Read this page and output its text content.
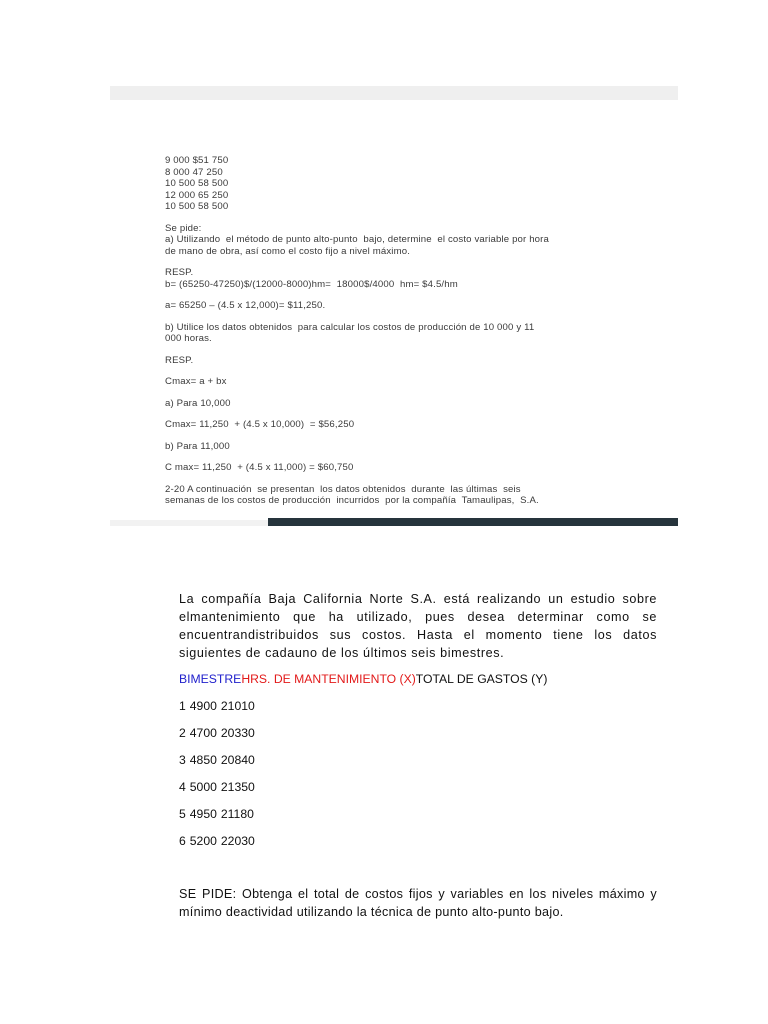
9 000 $51 750
8 000 47 250
10 500 58 500
12 000 65 250
10 500 58 500
Se pide:
a) Utilizando  el método de punto alto-punto  bajo, determine  el costo variable por hora
de mano de obra, así como el costo fijo a nivel máximo.
RESP.
b= (65250-47250)$/(12000-8000)hm=  18000$/4000  hm= $4.5/hm
a= 65250 – (4.5 x 12,000)= $11,250.
b) Utilice los datos obtenidos  para calcular los costos de producción de 10 000 y 11
000 horas.
RESP.
Cmax= a + bx
a) Para 10,000
Cmax= 11,250  + (4.5 x 10,000)  = $56,250
b) Para 11,000
C max= 11,250  + (4.5 x 11,000) = $60,750
2-20 A continuación  se presentan  los datos obtenidos  durante  las últimas  seis
semanas de los costos de producción  incurridos  por la compañía  Tamaulipas,  S.A.

La compañía Baja California Norte S.A. está realizando un estudio sobre elmantenimiento que ha utilizado, pues desea determinar como se encuentrandistribuidos sus costos. Hasta el momento tiene los datos siguientes de cadauno de los últimos seis bimestres.

BIMESTREHRS. DE MANTENIMIENTO (X)TOTAL DE GASTOS (Y)

1 4900 21010

2 4700 20330

3 4850 20840

4 5000 21350

5 4950 21180

6 5200 22030

SE PIDE: Obtenga el total de costos fijos y variables en los niveles máximo y mínimo deactividad utilizando la técnica de punto alto-punto bajo.
